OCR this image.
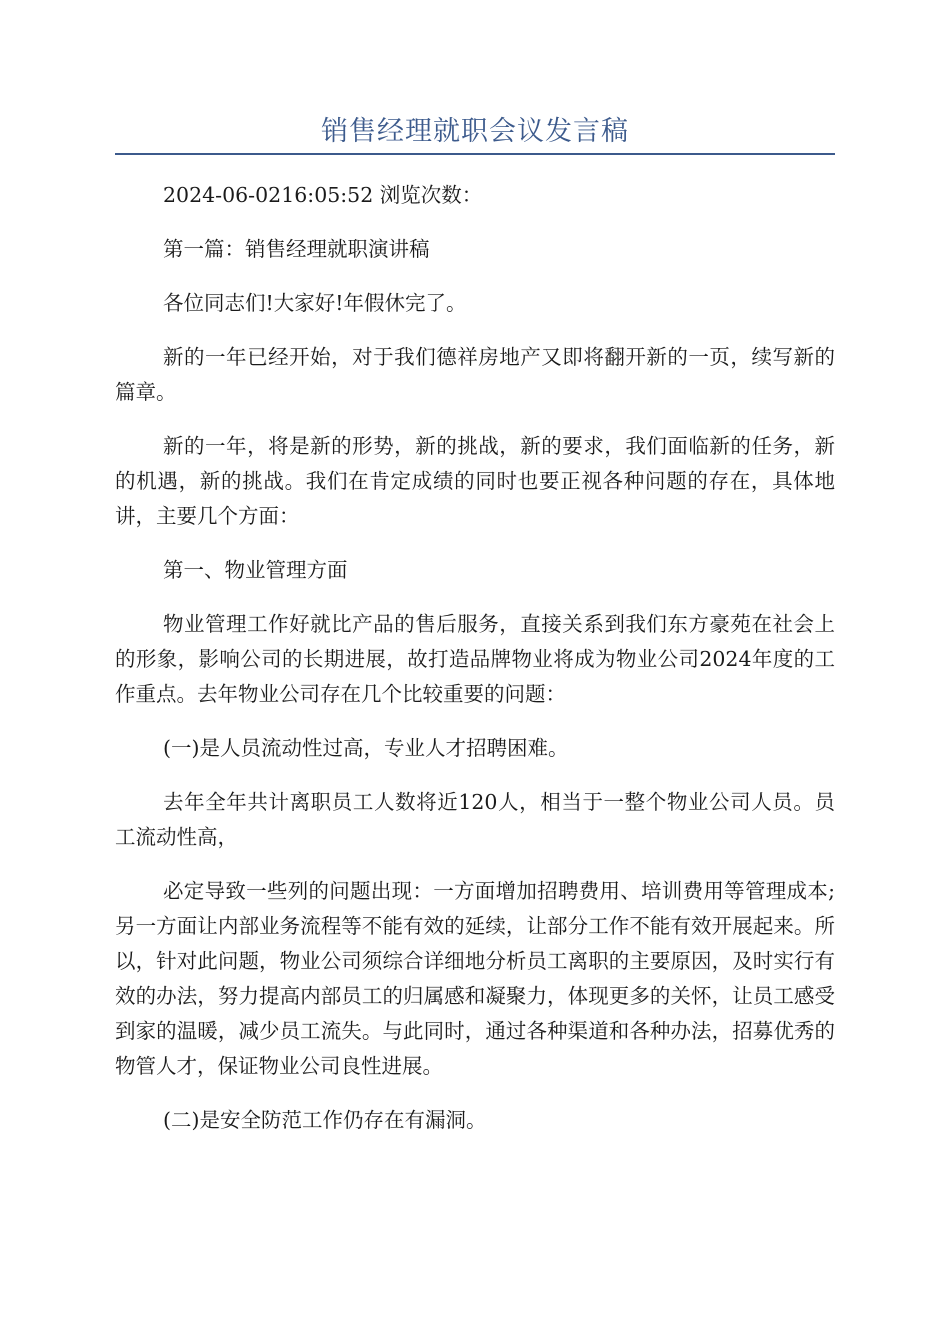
销售经理就职会议发言稿

2024-06-0216:05:52 浏览次数：

第一篇：销售经理就职演讲稿

各位同志们!大家好!年假休完了。

新的一年已经开始，对于我们德祥房地产又即将翻开新的一页，续写新的篇章。

新的一年，将是新的形势，新的挑战，新的要求，我们面临新的任务，新的机遇，新的挑战。我们在肯定成绩的同时也要正视各种问题的存在，具体地讲，主要几个方面：

第一、物业管理方面

物业管理工作好就比产品的售后服务，直接关系到我们东方豪苑在社会上的形象，影响公司的长期进展，故打造品牌物业将成为物业公司2024年度的工作重点。去年物业公司存在几个比较重要的问题：

(一)是人员流动性过高，专业人才招聘困难。

去年全年共计离职员工人数将近120人，相当于一整个物业公司人员。员工流动性高，

必定导致一些列的问题出现：一方面增加招聘费用、培训费用等管理成本;另一方面让内部业务流程等不能有效的延续，让部分工作不能有效开展起来。所以，针对此问题，物业公司须综合详细地分析员工离职的主要原因，及时实行有效的办法，努力提高内部员工的归属感和凝聚力，体现更多的关怀，让员工感受到家的温暖，减少员工流失。与此同时，通过各种渠道和各种办法，招募优秀的物管人才，保证物业公司良性进展。

(二)是安全防范工作仍存在有漏洞。
